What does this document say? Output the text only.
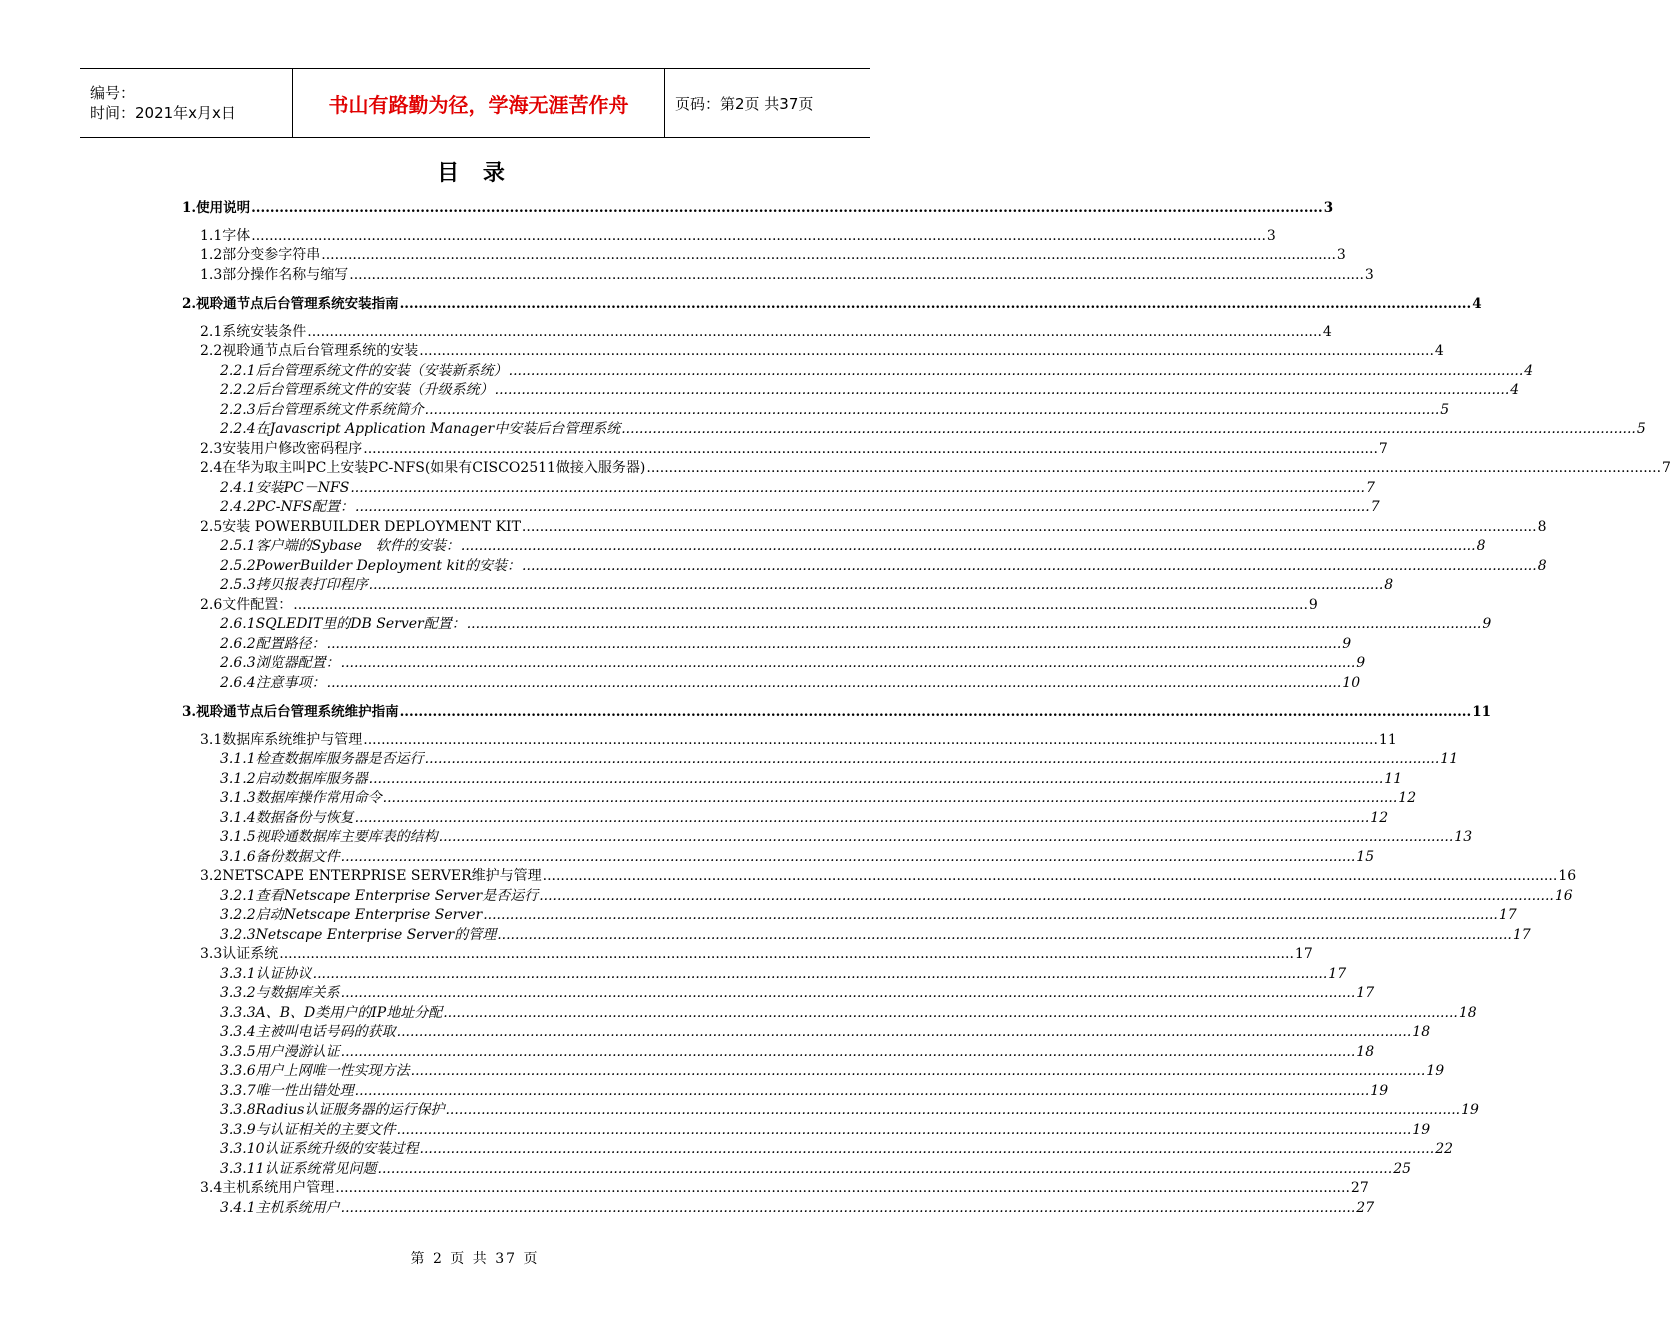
编号：
时间：2021年x月x日	书山有路勤为径，学海无涯苦作舟	页码：第2页 共37页
目 录
1. 使用说明 .....	3
1.1 字体 .....	3
1.2 部分变参字符串 .....	3
1.3 部分操作名称与缩写 .....	3
2. 视聆通节点后台管理系统安装指南 .....	4
2.1 系统安装条件 .....	4
2.2 视聆通节点后台管理系统的安装 .....	4
2.2.1 后台管理系统文件的安装（安装新系统） .....	4
2.2.2 后台管理系统文件的安装（升级系统） .....	4
2.2.3 后台管理系统文件系统简介 .....	5
2.2.4 在Javascript Application Manager中安装后台管理系统 .....	5
2.3 安装用户修改密码程序 .....	7
2.4 在华为取主叫PC上安装PC-NFS(如果有CISCO2511做接入服务器) .....	7
2.4.1 安装PC－NFS .....	7
2.4.2 PC-NFS配置： .....	7
2.5 安装 POWERBUILDER DEPLOYMENT KIT .....	8
2.5.1 客户端的Sybase　软件的安装： .....	8
2.5.2 PowerBuilder Deployment kit的安装： .....	8
2.5.3 拷贝报表打印程序 .....	8
2.6 文件配置： .....	9
2.6.1 SQLEDIT里的DB Server配置： .....	9
2.6.2 配置路径： .....	9
2.6.3 浏览器配置： .....	9
2.6.4 注意事项： .....	10
3. 视聆通节点后台管理系统维护指南 .....	11
3.1 数据库系统维护与管理 .....	11
3.1.1 检查数据库服务器是否运行 .....	11
3.1.2 启动数据库服务器 .....	11
3.1.3 数据库操作常用命令 .....	12
3.1.4 数据备份与恢复 .....	12
3.1.5 视聆通数据库主要库表的结构 .....	13
3.1.6 备份数据文件 .....	15
3.2 NETSCAPE ENTERPRISE SERVER维护与管理 .....	16
3.2.1 查看Netscape Enterprise Server是否运行 .....	16
3.2.2 启动Netscape Enterprise Server .....	17
3.2.3 Netscape Enterprise Server的管理 .....	17
3.3 认证系统 .....	17
3.3.1 认证协议 .....	17
3.3.2 与数据库关系 .....	17
3.3.3 A、B、D类用户的IP地址分配 .....	18
3.3.4 主被叫电话号码的获取 .....	18
3.3.5 用户漫游认证 .....	18
3.3.6 用户上网唯一性实现方法 .....	19
3.3.7 唯一性出错处理 .....	19
3.3.8 Radius认证服务器的运行保护 .....	19
3.3.9 与认证相关的主要文件 .....	19
3.3.10 认证系统升级的安装过程 .....	22
3.3.11 认证系统常见问题 .....	25
3.4 主机系统用户管理 .....	27
3.4.1 主机系统用户 .....	27
第 2 页 共 37 页
